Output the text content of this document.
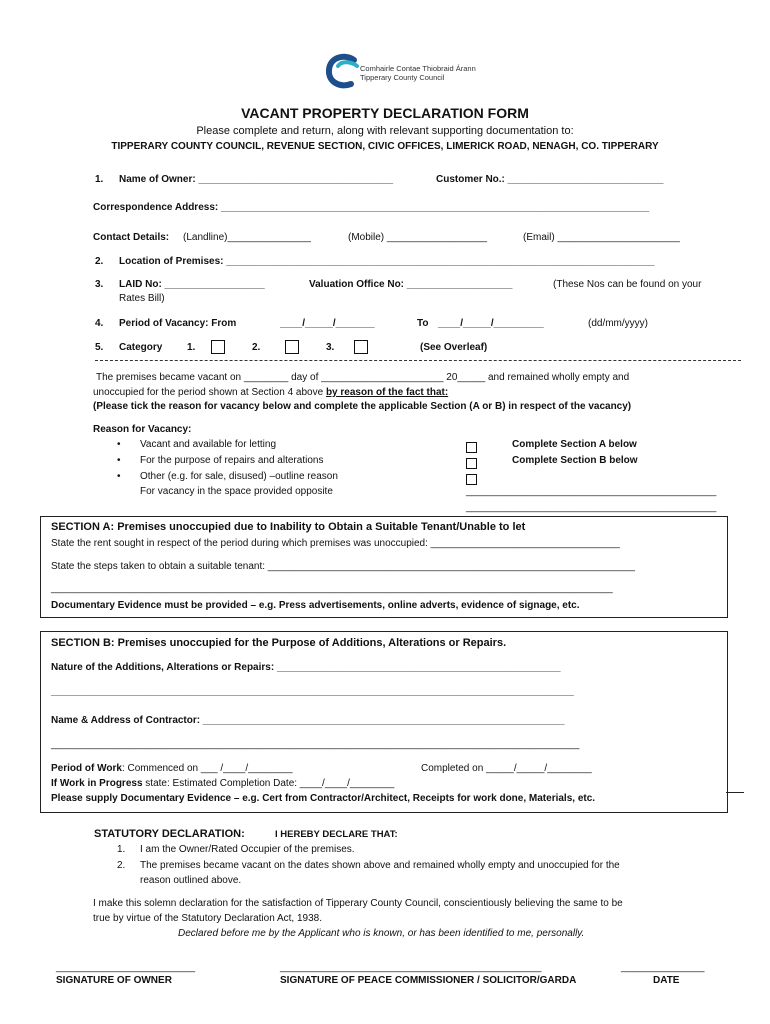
Comhairle Contae Thiobraid Árann
Tipperary County Council
VACANT PROPERTY DECLARATION FORM
Please complete and return, along with relevant supporting documentation to:
TIPPERARY COUNTY COUNCIL, REVENUE SECTION, CIVIC OFFICES, LIMERICK ROAD, NENAGH, CO. TIPPERARY
1. Name of Owner: ___________________________________	Customer No.: ____________________________
Correspondence Address: _____________________________________________________________________________
Contact Details: (Landline)_______________	(Mobile) __________________	(Email) ______________________
2. Location of Premises: _____________________________________________________________________________
3. LAID No: __________________	Valuation Office No: ___________________	(These Nos can be found on your
Rates Bill)
4. Period of Vacancy: From	____/_____/_______	To ____/_____/_________	(dd/mm/yyyy)
5. Category 1.	2.	3.	(See Overleaf)
The premises became vacant on ________ day of ______________________ 20_____ and remained wholly empty and
unoccupied for the period shown at Section 4 above by reason of the fact that:
(Please tick the reason for vacancy below and complete the applicable Section (A or B) in respect of the vacancy)
Reason for Vacancy:
• Vacant and available for letting	Complete Section A below
• For the purpose of repairs and alterations	Complete Section B below
• Other (e.g. for sale, disused) –outline reason
For vacancy in the space provided opposite	_____________________________________________
_____________________________________________
SECTION A: Premises unoccupied due to Inability to Obtain a Suitable Tenant/Unable to let
State the rent sought in respect of the period during which premises was unoccupied: __________________________________
State the steps taken to obtain a suitable tenant: __________________________________________________________________
_____________________________________________________________________________________________________
Documentary Evidence must be provided – e.g. Press advertisements, online adverts, evidence of signage, etc.
SECTION B: Premises unoccupied for the Purpose of Additions, Alterations or Repairs.
Nature of the Additions, Alterations or Repairs: ___________________________________________________
______________________________________________________________________________________________
Name & Address of Contractor: _________________________________________________________________
_______________________________________________________________________________________________
Period of Work: Commenced on ___ /____/________	Completed on _____/_____/________
If Work in Progress state: Estimated Completion Date: ____/____/________
Please supply Documentary Evidence – e.g. Cert from Contractor/Architect, Receipts for work done, Materials, etc.
STATUTORY DECLARATION:	I HEREBY DECLARE THAT:
1. I am the Owner/Rated Occupier of the premises.
2. The premises became vacant on the dates shown above and remained wholly empty and unoccupied for the
reason outlined above.
I make this solemn declaration for the satisfaction of Tipperary County Council, conscientiously believing the same to be
true by virtue of the Statutory Declaration Act, 1938.
Declared before me by the Applicant who is known, or has been identified to me, personally.
_________________________	_______________________________________________	_______________
SIGNATURE OF OWNER	SIGNATURE OF PEACE COMMISSIONER / SOLICITOR/GARDA	DATE
